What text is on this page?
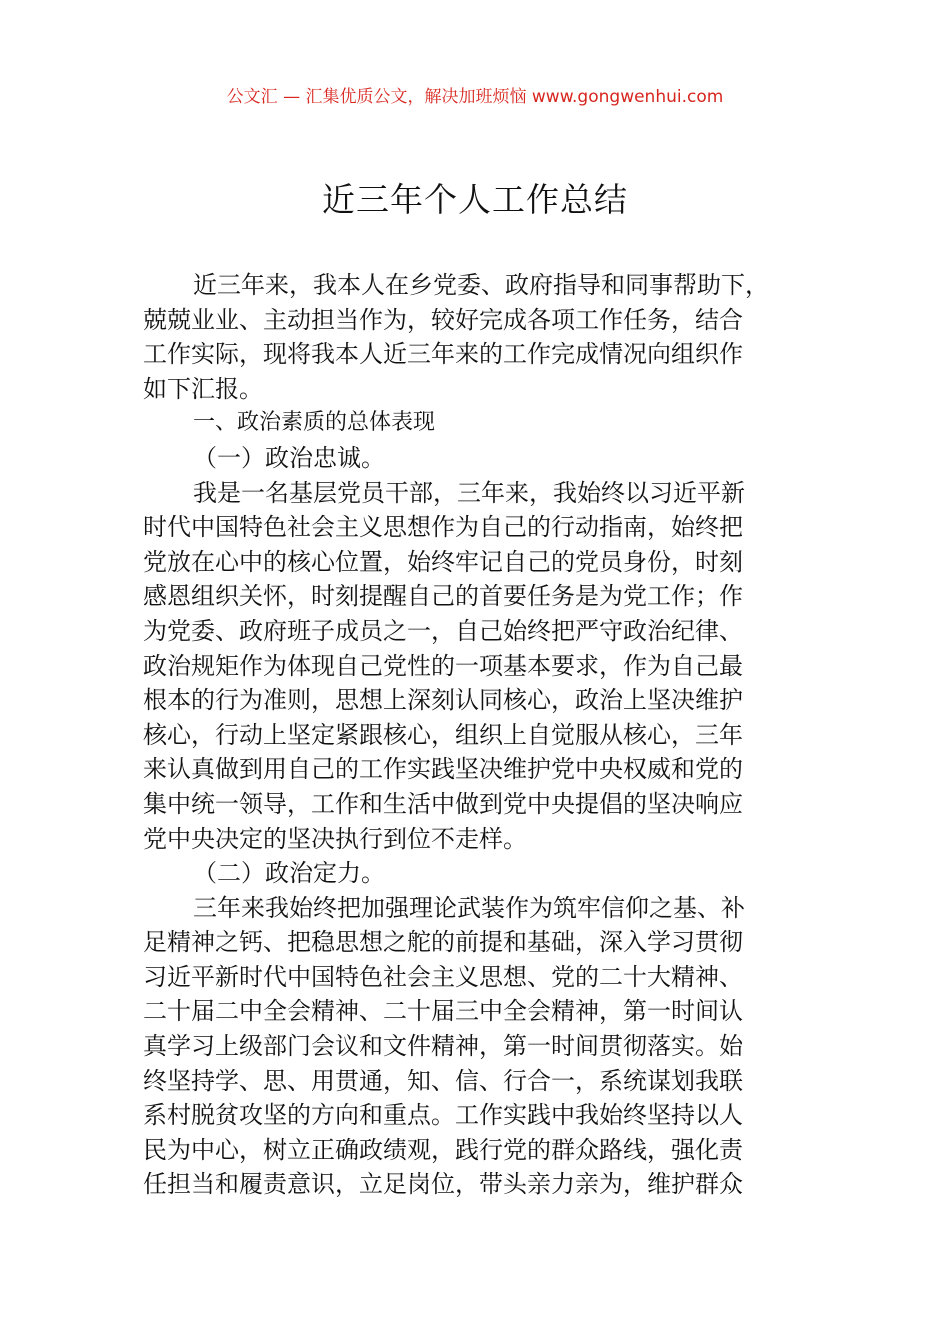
公文汇 — 汇集优质公文，解决加班烦恼 www.gongwenhui.com
近三年个人工作总结
近三年来，我本人在乡党委、政府指导和同事帮助下，
兢兢业业、主动担当作为，较好完成各项工作任务，结合
工作实际，现将我本人近三年来的工作完成情况向组织作
如下汇报。
一、政治素质的总体表现
（一）政治忠诚。
我是一名基层党员干部，三年来，我始终以习近平新
时代中国特色社会主义思想作为自己的行动指南，始终把
党放在心中的核心位置，始终牢记自己的党员身份，时刻
感恩组织关怀，时刻提醒自己的首要任务是为党工作；作
为党委、政府班子成员之一，自己始终把严守政治纪律、
政治规矩作为体现自己党性的一项基本要求，作为自己最
根本的行为准则，思想上深刻认同核心，政治上坚决维护
核心，行动上坚定紧跟核心，组织上自觉服从核心，三年
来认真做到用自己的工作实践坚决维护党中央权威和党的
集中统一领导，工作和生活中做到党中央提倡的坚决响应
党中央决定的坚决执行到位不走样。
（二）政治定力。
三年来我始终把加强理论武装作为筑牢信仰之基、补
足精神之钙、把稳思想之舵的前提和基础，深入学习贯彻
习近平新时代中国特色社会主义思想、党的二十大精神、
二十届二中全会精神、二十届三中全会精神，第一时间认
真学习上级部门会议和文件精神，第一时间贯彻落实。始
终坚持学、思、用贯通，知、信、行合一，系统谋划我联
系村脱贫攻坚的方向和重点。工作实践中我始终坚持以人
民为中心，树立正确政绩观，践行党的群众路线，强化责
任担当和履责意识，立足岗位，带头亲力亲为，维护群众
